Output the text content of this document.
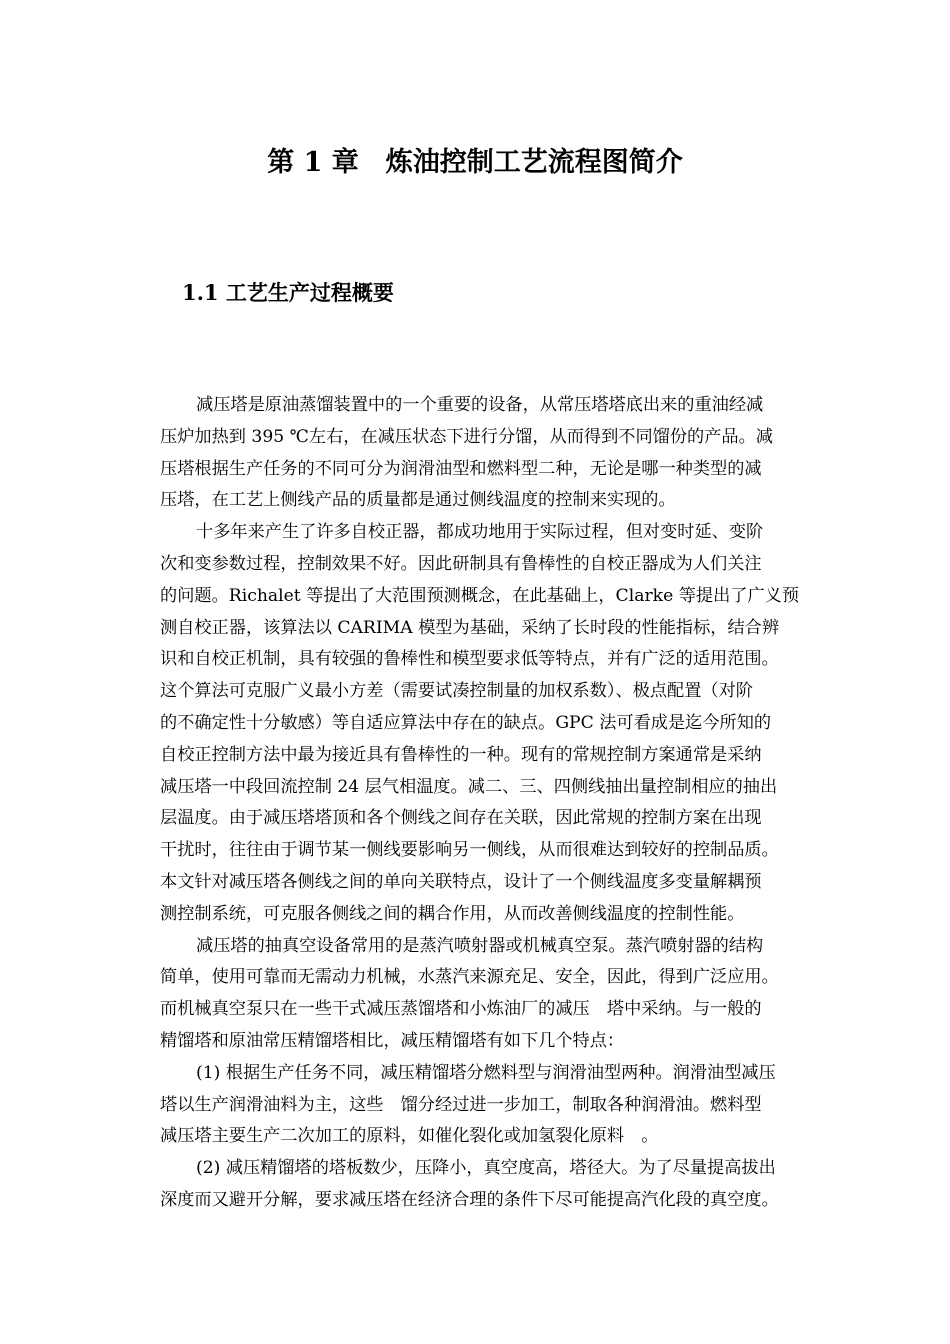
第 1 章　炼油控制工艺流程图简介
1.1 工艺生产过程概要
减压塔是原油蒸馏装置中的一个重要的设备，从常压塔塔底出来的重油经减
压炉加热到 395 ℃左右，在减压状态下进行分馏，从而得到不同馏份的产品。减
压塔根据生产任务的不同可分为润滑油型和燃料型二种，无论是哪一种类型的减
压塔，在工艺上侧线产品的质量都是通过侧线温度的控制来实现的。
十多年来产生了许多自校正器，都成功地用于实际过程，但对变时延、变阶
次和变参数过程，控制效果不好。因此研制具有鲁棒性的自校正器成为人们关注
的问题。Richalet 等提出了大范围预测概念，在此基础上，Clarke 等提出了广义预
测自校正器，该算法以 CARIMA 模型为基础，采纳了长时段的性能指标，结合辨
识和自校正机制，具有较强的鲁棒性和模型要求低等特点，并有广泛的适用范围。
这个算法可克服广义最小方差（需要试凑控制量的加权系数）、极点配置（对阶
的不确定性十分敏感）等自适应算法中存在的缺点。GPC 法可看成是迄今所知的
自校正控制方法中最为接近具有鲁棒性的一种。现有的常规控制方案通常是采纳
减压塔一中段回流控制 24 层气相温度。减二、三、四侧线抽出量控制相应的抽出
层温度。由于减压塔塔顶和各个侧线之间存在关联，因此常规的控制方案在出现
干扰时，往往由于调节某一侧线要影响另一侧线，从而很难达到较好的控制品质。
本文针对减压塔各侧线之间的单向关联特点，设计了一个侧线温度多变量解耦预
测控制系统，可克服各侧线之间的耦合作用，从而改善侧线温度的控制性能。
减压塔的抽真空设备常用的是蒸汽喷射器或机械真空泵。蒸汽喷射器的结构
简单，使用可靠而无需动力机械，水蒸汽来源充足、安全，因此，得到广泛应用。
而机械真空泵只在一些干式减压蒸馏塔和小炼油厂的减压　塔中采纳。与一般的
精馏塔和原油常压精馏塔相比，减压精馏塔有如下几个特点：
(1) 根据生产任务不同，减压精馏塔分燃料型与润滑油型两种。润滑油型减压
塔以生产润滑油料为主，这些　馏分经过进一步加工，制取各种润滑油。燃料型
减压塔主要生产二次加工的原料，如催化裂化或加氢裂化原料　。
(2) 减压精馏塔的塔板数少，压降小，真空度高，塔径大。为了尽量提高拔出
深度而又避开分解，要求减压塔在经济合理的条件下尽可能提高汽化段的真空度。
